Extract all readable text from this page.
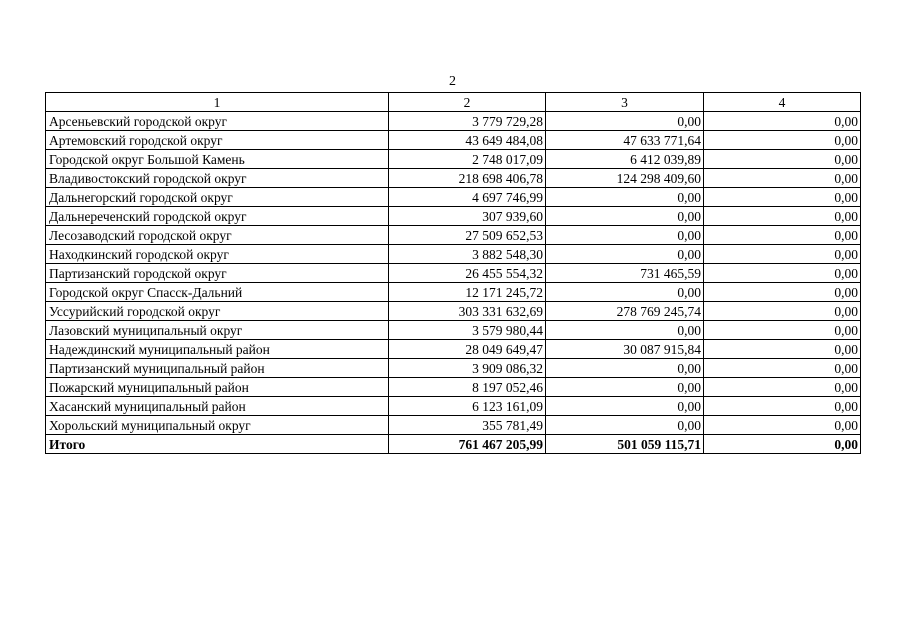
2
1	2	3	4
Арсеньевский городской округ	3 779 729,28	0,00	0,00
Артемовский городской округ	43 649 484,08	47 633 771,64	0,00
Городской округ Большой Камень	2 748 017,09	6 412 039,89	0,00
Владивостокский городской округ	218 698 406,78	124 298 409,60	0,00
Дальнегорский городской округ	4 697 746,99	0,00	0,00
Дальнереченский городской округ	307 939,60	0,00	0,00
Лесозаводский городской округ	27 509 652,53	0,00	0,00
Находкинский городской округ	3 882 548,30	0,00	0,00
Партизанский городской округ	26 455 554,32	731 465,59	0,00
Городской округ Спасск-Дальний	12 171 245,72	0,00	0,00
Уссурийский городской округ	303 331 632,69	278 769 245,74	0,00
Лазовский муниципальный округ	3 579 980,44	0,00	0,00
Надеждинский муниципальный район	28 049 649,47	30 087 915,84	0,00
Партизанский муниципальный район	3 909 086,32	0,00	0,00
Пожарский муниципальный район	8 197 052,46	0,00	0,00
Хасанский муниципальный район	6 123 161,09	0,00	0,00
Хорольский муниципальный округ	355 781,49	0,00	0,00
Итого	761 467 205,99	501 059 115,71	0,00
